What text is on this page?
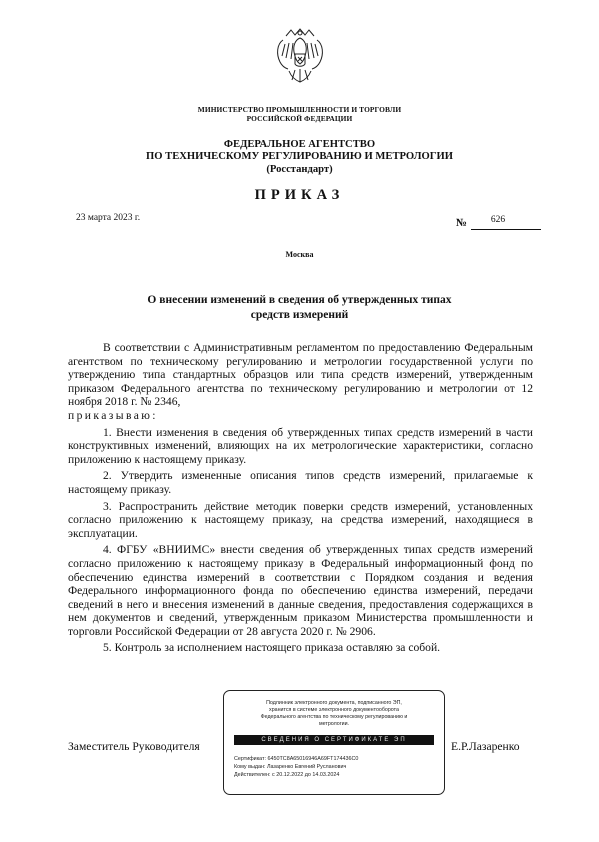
МИНИСТЕРСТВО ПРОМЫШЛЕННОСТИ И ТОРГОВЛИ
РОССИЙСКОЙ ФЕДЕРАЦИИ
ФЕДЕРАЛЬНОЕ АГЕНТСТВО
ПО ТЕХНИЧЕСКОМУ РЕГУЛИРОВАНИЮ И МЕТРОЛОГИИ
(Росстандарт)
ПРИКАЗ
23 марта 2023 г.	№	626
Москва
О внесении изменений в сведения об утвержденных типах
средств измерений

В соответствии с Административным регламентом по предоставлению Федеральным агентством по техническому регулированию и метрологии государственной услуги по утверждению типа стандартных образцов или типа средств измерений, утвержденным приказом Федерального агентства по техническому регулированию и метрологии от 12 ноября 2018 г. № 2346,

приказываю:

1. Внести изменения в сведения об утвержденных типах средств измерений в части конструктивных изменений, влияющих на их метрологические характеристики, согласно приложению к настоящему приказу.

2. Утвердить измененные описания типов средств измерений, прилагаемые к настоящему приказу.

3. Распространить действие методик поверки средств измерений, установленных согласно приложению к настоящему приказу, на средства измерений, находящиеся в эксплуатации.

4. ФГБУ «ВНИИМС» внести сведения об утвержденных типах средств измерений согласно приложению к настоящему приказу в Федеральный информационный фонд по обеспечению единства измерений в соответствии с Порядком создания и ведения Федерального информационного фонда по обеспечению единства измерений, передачи сведений в него и внесения изменений в данные сведения, предоставления содержащихся в нем документов и сведений, утвержденным приказом Министерства промышленности и торговли Российской Федерации от 28 августа 2020 г. № 2906.

5. Контроль за исполнением настоящего приказа оставляю за собой.

Заместитель Руководителя	Е.Р.Лазаренко
Подлинник электронного документа, подписанного ЭП,
хранится в системе электронного документооборота
Федерального агентства по техническому регулированию и
метрологии.
СВЕДЕНИЯ О СЕРТИФИКАТЕ ЭП
Сертификат: 6450ТС8А65016946А69FТ174436С0
Кому выдан: Лазаренко Евгений Русланович
Действителен: с 20.12.2022 до 14.03.2024
